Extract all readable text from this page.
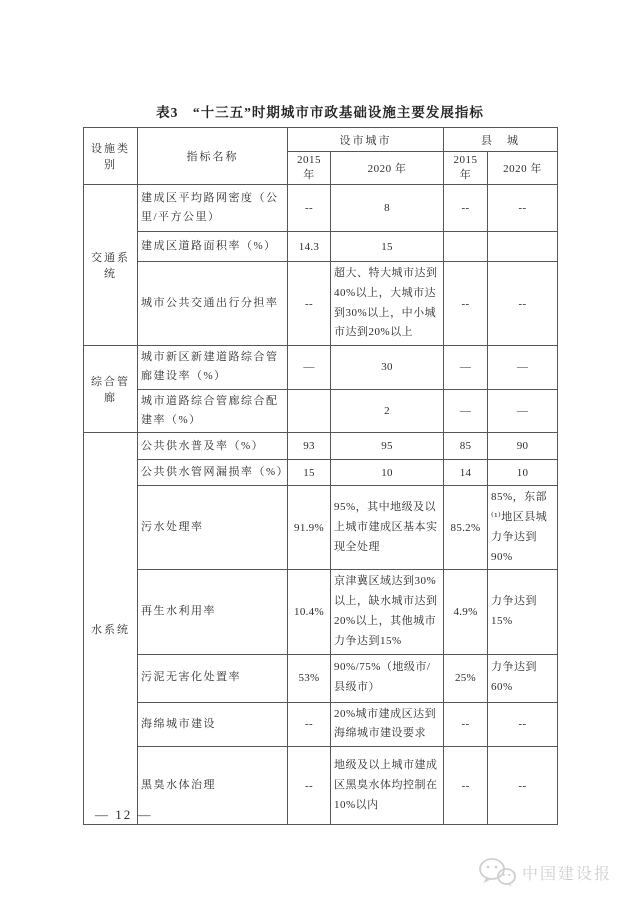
表3　“十三五”时期城市市政基础设施主要发展指标
设施类别	指标名称	设市城市		县　城	
		2015 年	2020 年	2015 年	2020 年
交通系统	建成区平均路网密度（公里/平方公里）	--	8	--	--
	建成区道路面积率（%）	14.3	15		
	城市公共交通出行分担率	--	超大、特大城市达到40%以上，大城市达到30%以上，中小城市达到20%以上	--	--
综合管廊	城市新区新建道路综合管廊建设率（%）	—	30	—	—
	城市道路综合管廊综合配建率（%）		2	—	—
水系统	公共供水普及率（%）	93	95	85	90
	公共供水管网漏损率（%）	15	10	14	10
	污水处理率	91.9%	95%，其中地级及以上城市建成区基本实现全处理	85.2%	85%，东部⁽¹⁾地区县城力争达到90%
	再生水利用率	10.4%	京津冀区域达到30%以上，缺水城市达到20%以上，其他城市力争达到15%	4.9%	力争达到15%
	污泥无害化处置率	53%	90%/75%（地级市/县级市）	25%	力争达到60%
	海绵城市建设	--	20%城市建成区达到海绵城市建设要求	--	--
	黑臭水体治理	--	地级及以上城市建成区黑臭水体均控制在10%以内	--	--
— 12 —
中国建设报
